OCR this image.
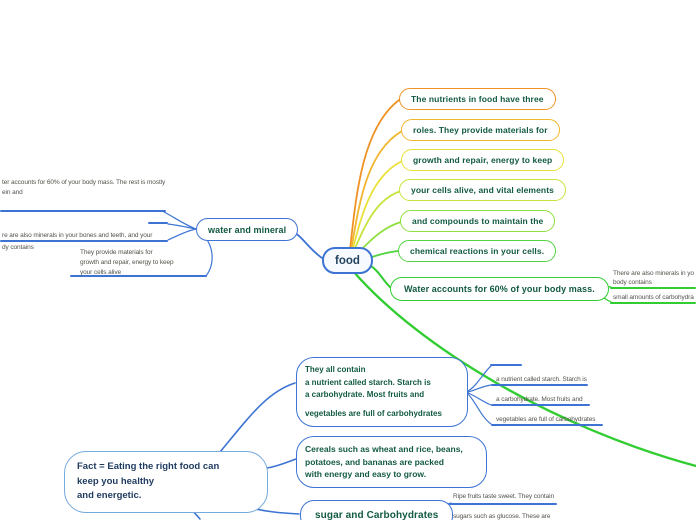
food
The nutrients in food have three
roles. They provide materials for
growth and repair, energy to keep
your cells alive, and vital elements
and compounds to maintain the
chemical reactions in your cells.
water and mineral
Water accounts for 60% of your body mass.
ter accounts for 60% of your body mass. The rest is mostly
ein and
re are also minerals in your bones and teeth, and your
dy contains
They provide materials for
growth and repair, energy to keep
your cells alive	There are also minerals in yo
body contains
small amounts of carbohydra
Fact = Eating the right food can
keep you healthy
and energetic.
They all contain
a nutrient called starch. Starch is
a carbohydrate. Most fruits and
vegetables are full of carbohydrates
Cereals such as wheat and rice, beans,
potatoes, and bananas are packed
with energy and easy to grow.
sugar and Carbohydrates
a nutrient called starch. Starch is
a carbohydrate. Most fruits and
vegetables are full of carbohydrates
Ripe fruits taste sweet. They contain
sugars such as glucose. These are
